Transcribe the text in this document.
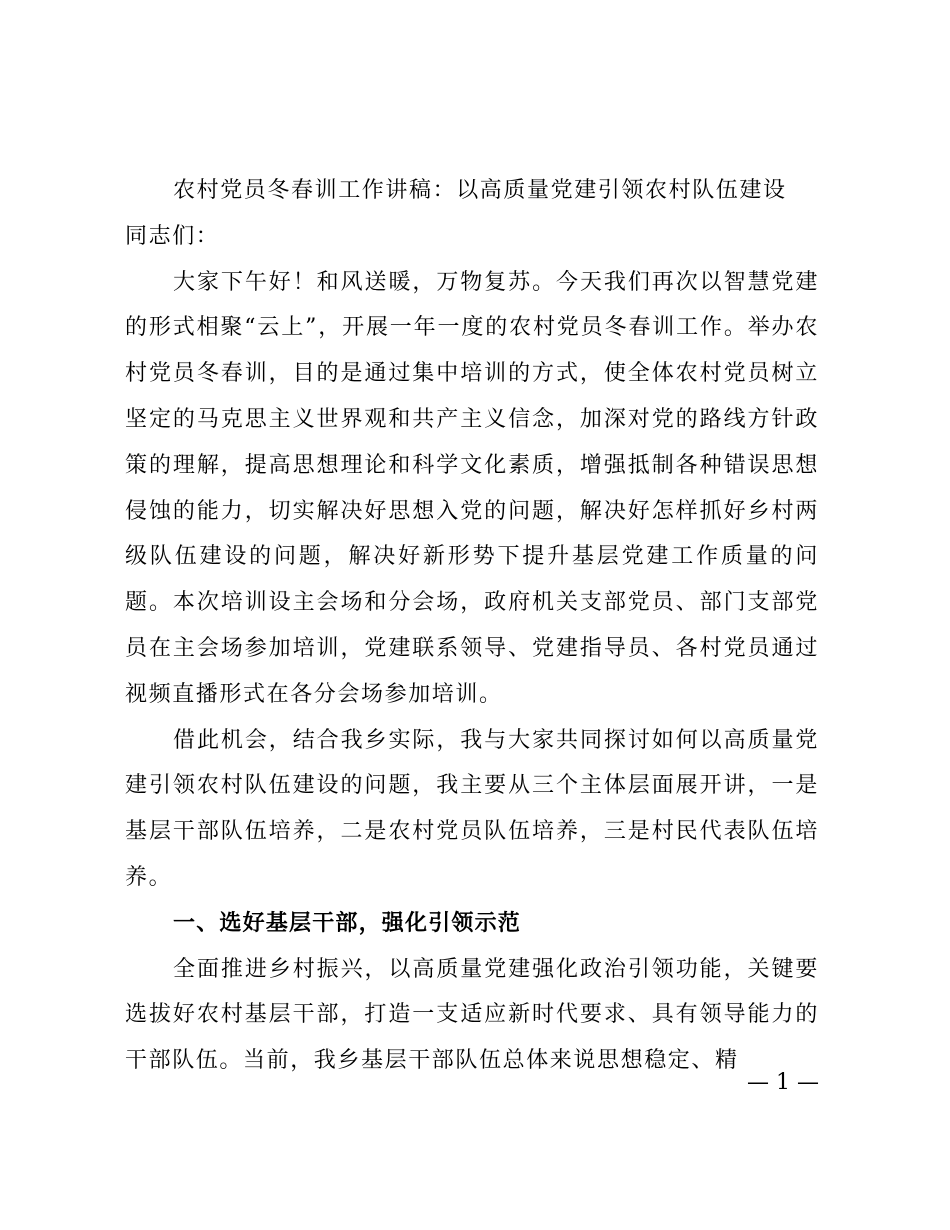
农村党员冬春训工作讲稿：以高质量党建引领农村队伍建设

同志们：

大家下午好！和风送暖，万物复苏。今天我们再次以智慧党建的形式相聚“云上”，开展一年一度的农村党员冬春训工作。举办农村党员冬春训，目的是通过集中培训的方式，使全体农村党员树立坚定的马克思主义世界观和共产主义信念，加深对党的路线方针政策的理解，提高思想理论和科学文化素质，增强抵制各种错误思想侵蚀的能力，切实解决好思想入党的问题，解决好怎样抓好乡村两级队伍建设的问题，解决好新形势下提升基层党建工作质量的问题。本次培训设主会场和分会场，政府机关支部党员、部门支部党员在主会场参加培训，党建联系领导、党建指导员、各村党员通过视频直播形式在各分会场参加培训。

借此机会，结合我乡实际，我与大家共同探讨如何以高质量党建引领农村队伍建设的问题，我主要从三个主体层面展开讲，一是基层干部队伍培养，二是农村党员队伍培养，三是村民代表队伍培养。

一、选好基层干部，强化引领示范

全面推进乡村振兴，以高质量党建强化政治引领功能，关键要选拔好农村基层干部，打造一支适应新时代要求、具有领导能力的干部队伍。当前，我乡基层干部队伍总体来说思想稳定、精

— 1 —
